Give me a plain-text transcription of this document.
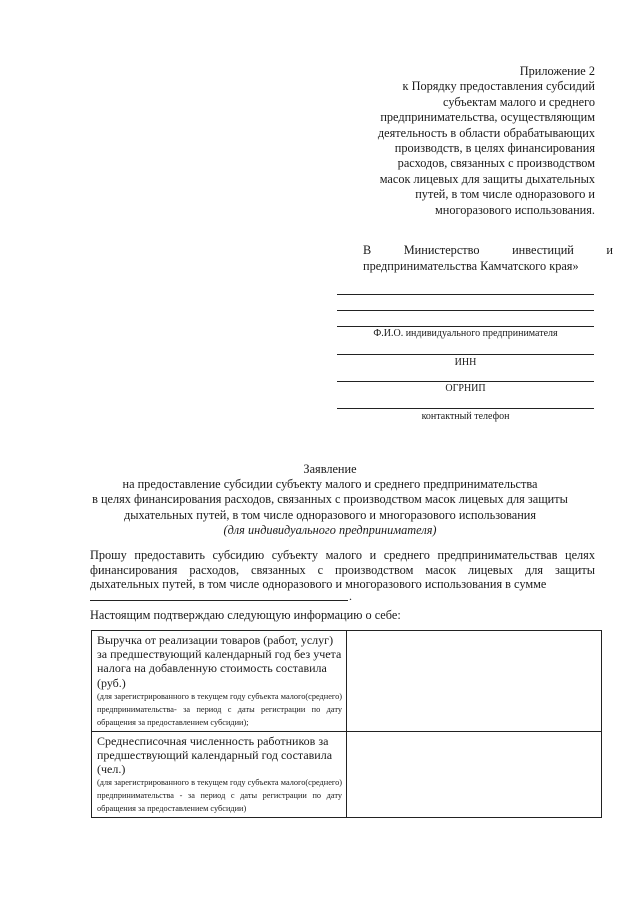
Приложение 2
к Порядку предоставления субсидий
субъектам малого и среднего
предпринимательства, осуществляющим
деятельность в области обрабатывающих
производств, в целях финансирования
расходов, связанных с производством
масок лицевых для защиты дыхательных
путей, в том числе одноразового и
многоразового использования.
В	Министерство	инвестиций	и
предпринимательства Камчатского края»
Ф.И.О. индивидуального предпринимателя
ИНН
ОГРНИП
контактный телефон
Заявление
на предоставление субсидии субъекту малого и среднего предпринимательства
в целях финансирования расходов, связанных с производством масок лицевых для защиты
дыхательных путей, в том числе одноразового и многоразового использования
(для индивидуального предпринимателя)
Прошу предоставить субсидию субъекту малого и среднего предпринимательствав целях финансирования расходов, связанных с производством масок лицевых для защиты дыхательных путей, в том числе одноразового и многоразового использования в сумме
.
Настоящим подтверждаю следующую информацию о себе:
Выручка от реализации товаров (работ, услуг) за предшествующий календарный год без учета налога на добавленную стоимость составила (руб.)
(для зарегистрированного в текущем году субъекта малого(среднего) предпринимательства- за период с даты регистрации по дату обращения за предоставлением субсидии);	

Среднесписочная численность работников за предшествующий календарный год составила (чел.)
(для зарегистрированного в текущем году субъекта малого(среднего) предпринимательства - за период с даты регистрации по дату обращения за предоставлением субсидии)	
